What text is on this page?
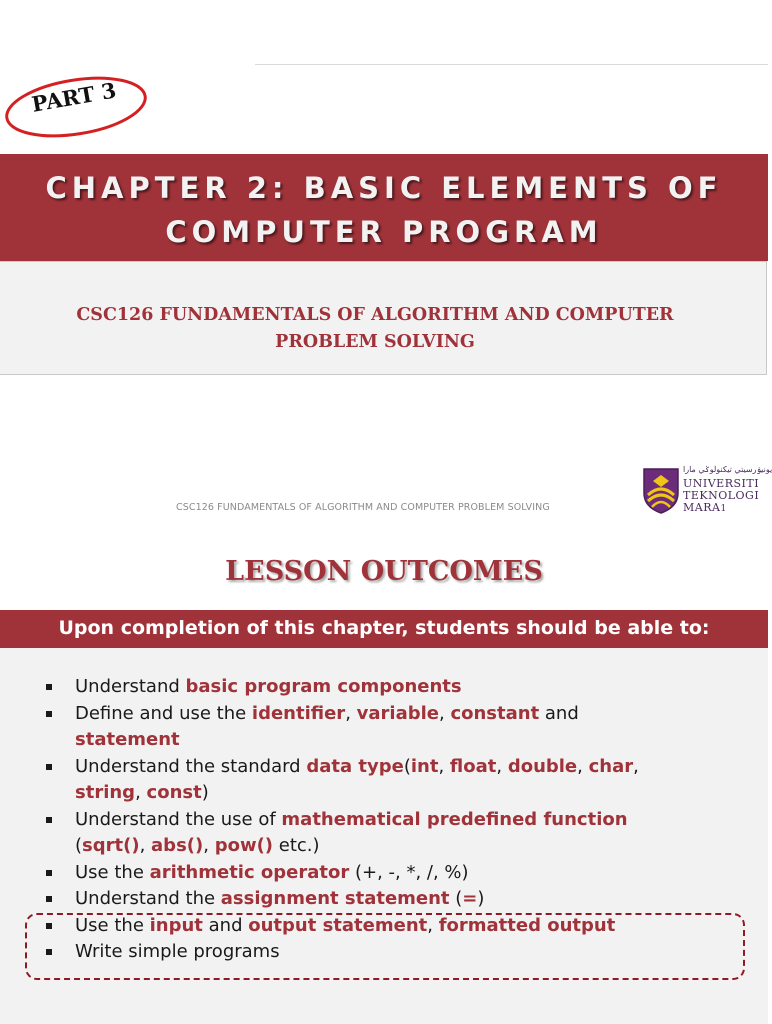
PART 3
CHAPTER 2: BASIC ELEMENTS OF
COMPUTER PROGRAM
CSC126 FUNDAMENTALS OF ALGORITHM AND COMPUTER
PROBLEM SOLVING
CSC126 FUNDAMENTALS OF ALGORITHM AND COMPUTER PROBLEM SOLVING
يونيۏرسيتي تيكنولوݢي مارا
UNIVERSITI
TEKNOLOGI
MARA1
LESSON OUTCOMES
Upon completion of this chapter, students should be able to:
Understand basic program components
Define and use the identifier, variable, constant and
statement
Understand the standard data type(int, float, double, char,
string, const)
Understand the use of mathematical predefined function
(sqrt(), abs(), pow() etc.)
Use the arithmetic operator (+, -, *, /, %)
Understand the assignment statement (=)
Use the input and output statement, formatted output
Write simple programs
